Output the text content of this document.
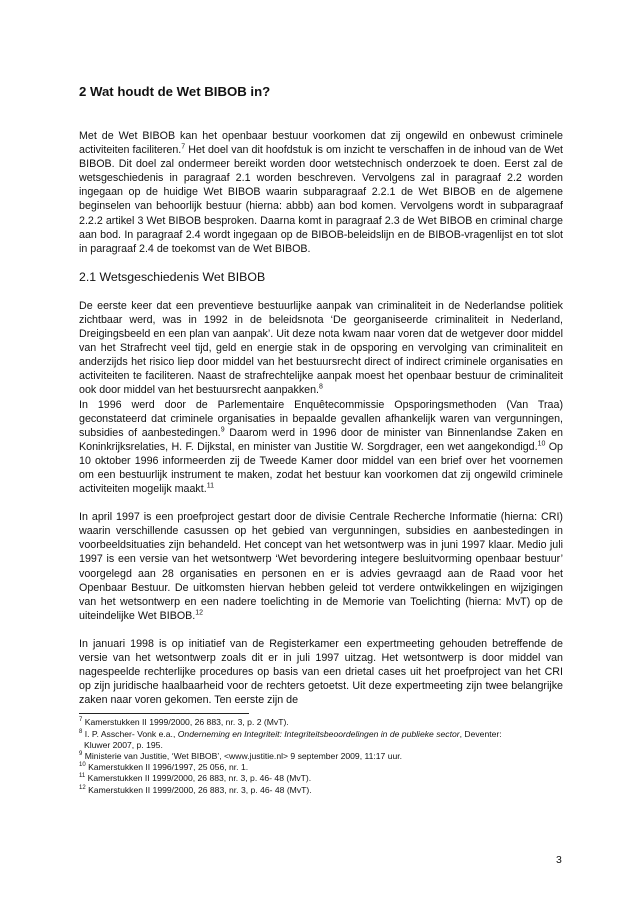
2 Wat houdt de Wet BIBOB in?

Met de Wet BIBOB kan het openbaar bestuur voorkomen dat zij ongewild en onbewust criminele activiteiten faciliteren.$^7$ Het doel van dit hoofdstuk is om inzicht te verschaffen in de inhoud van de Wet BIBOB. Dit doel zal ondermeer bereikt worden door wetstechnisch onderzoek te doen. Eerst zal de wetsgeschiedenis in paragraaf 2.1 worden beschreven. Vervolgens zal in paragraaf 2.2 worden ingegaan op de huidige Wet BIBOB waarin subparagraaf 2.2.1 de Wet BIBOB en de algemene beginselen van behoorlijk bestuur (hierna: abbb) aan bod komen. Vervolgens wordt in subparagraaf 2.2.2 artikel 3 Wet BIBOB besproken. Daarna komt in paragraaf 2.3 de Wet BIBOB en criminal charge aan bod. In paragraaf 2.4 wordt ingegaan op de BIBOB-beleidslijn en de BIBOB-vragenlijst en tot slot in paragraaf 2.4 de toekomst van de Wet BIBOB.

2.1 Wetsgeschiedenis Wet BIBOB

De eerste keer dat een preventieve bestuurlijke aanpak van criminaliteit in de Nederlandse politiek zichtbaar werd, was in 1992 in de beleidsnota ‘De georganiseerde criminaliteit in Nederland, Dreigingsbeeld en een plan van aanpak’. Uit deze nota kwam naar voren dat de wetgever door middel van het Strafrecht veel tijd, geld en energie stak in de opsporing en vervolging van criminaliteit en anderzijds het risico liep door middel van het bestuursrecht direct of indirect criminele organisaties en activiteiten te faciliteren. Naast de strafrechtelijke aanpak moest het openbaar bestuur de criminaliteit ook door middel van het bestuursrecht aanpakken.$^8$

In 1996 werd door de Parlementaire Enquêtecommissie Opsporingsmethoden (Van Traa) geconstateerd dat criminele organisaties in bepaalde gevallen afhankelijk waren van vergunningen, subsidies of aanbestedingen.$^9$ Daarom werd in 1996 door de minister van Binnenlandse Zaken en Koninkrijksrelaties, H. F. Dijkstal, en minister van Justitie W. Sorgdrager, een wet aangekondigd.$^{10}$ Op 10 oktober 1996 informeerden zij de Tweede Kamer door middel van een brief over het voornemen om een bestuurlijk instrument te maken, zodat het bestuur kan voorkomen dat zij ongewild criminele activiteiten mogelijk maakt.$^{11}$

In april 1997 is een proefproject gestart door de divisie Centrale Recherche Informatie (hierna: CRI) waarin verschillende casussen op het gebied van vergunningen, subsidies en aanbestedingen in voorbeeldsituaties zijn behandeld. Het concept van het wetsontwerp was in juni 1997 klaar. Medio juli 1997 is een versie van het wetsontwerp ‘Wet bevordering integere besluitvorming openbaar bestuur’ voorgelegd aan 28 organisaties en personen en er is advies gevraagd aan de Raad voor het Openbaar Bestuur. De uitkomsten hiervan hebben geleid tot verdere ontwikkelingen en wijzigingen van het wetsontwerp en een nadere toelichting in de Memorie van Toelichting (hierna: MvT) op de uiteindelijke Wet BIBOB.$^{12}$

In januari 1998 is op initiatief van de Registerkamer een expertmeeting gehouden betreffende de versie van het wetsontwerp zoals dit er in juli 1997 uitzag. Het wetsontwerp is door middel van nagespeelde rechterlijke procedures op basis van een drietal cases uit het proefproject van het CRI op zijn juridische haalbaarheid voor de rechters getoetst. Uit deze expertmeeting zijn twee belangrijke zaken naar voren gekomen. Ten eerste zijn de

$^7$ Kamerstukken II 1999/2000, 26 883, nr. 3, p. 2 (MvT).

$^8$ I. P. Asscher- Vonk e.a., Onderneming en Integriteit: Integriteitsbeoordelingen in de publieke sector, Deventer:
Kluwer 2007, p. 195.

$^9$ Ministerie van Justitie, ‘Wet BIBOB’, <www.justitie.nl> 9 september 2009, 11:17 uur.

$^{10}$ Kamerstukken II 1996/1997, 25 056, nr. 1.

$^{11}$ Kamerstukken II 1999/2000, 26 883, nr. 3, p. 46- 48 (MvT).

$^{12}$ Kamerstukken II 1999/2000, 26 883, nr. 3, p. 46- 48 (MvT).

3
